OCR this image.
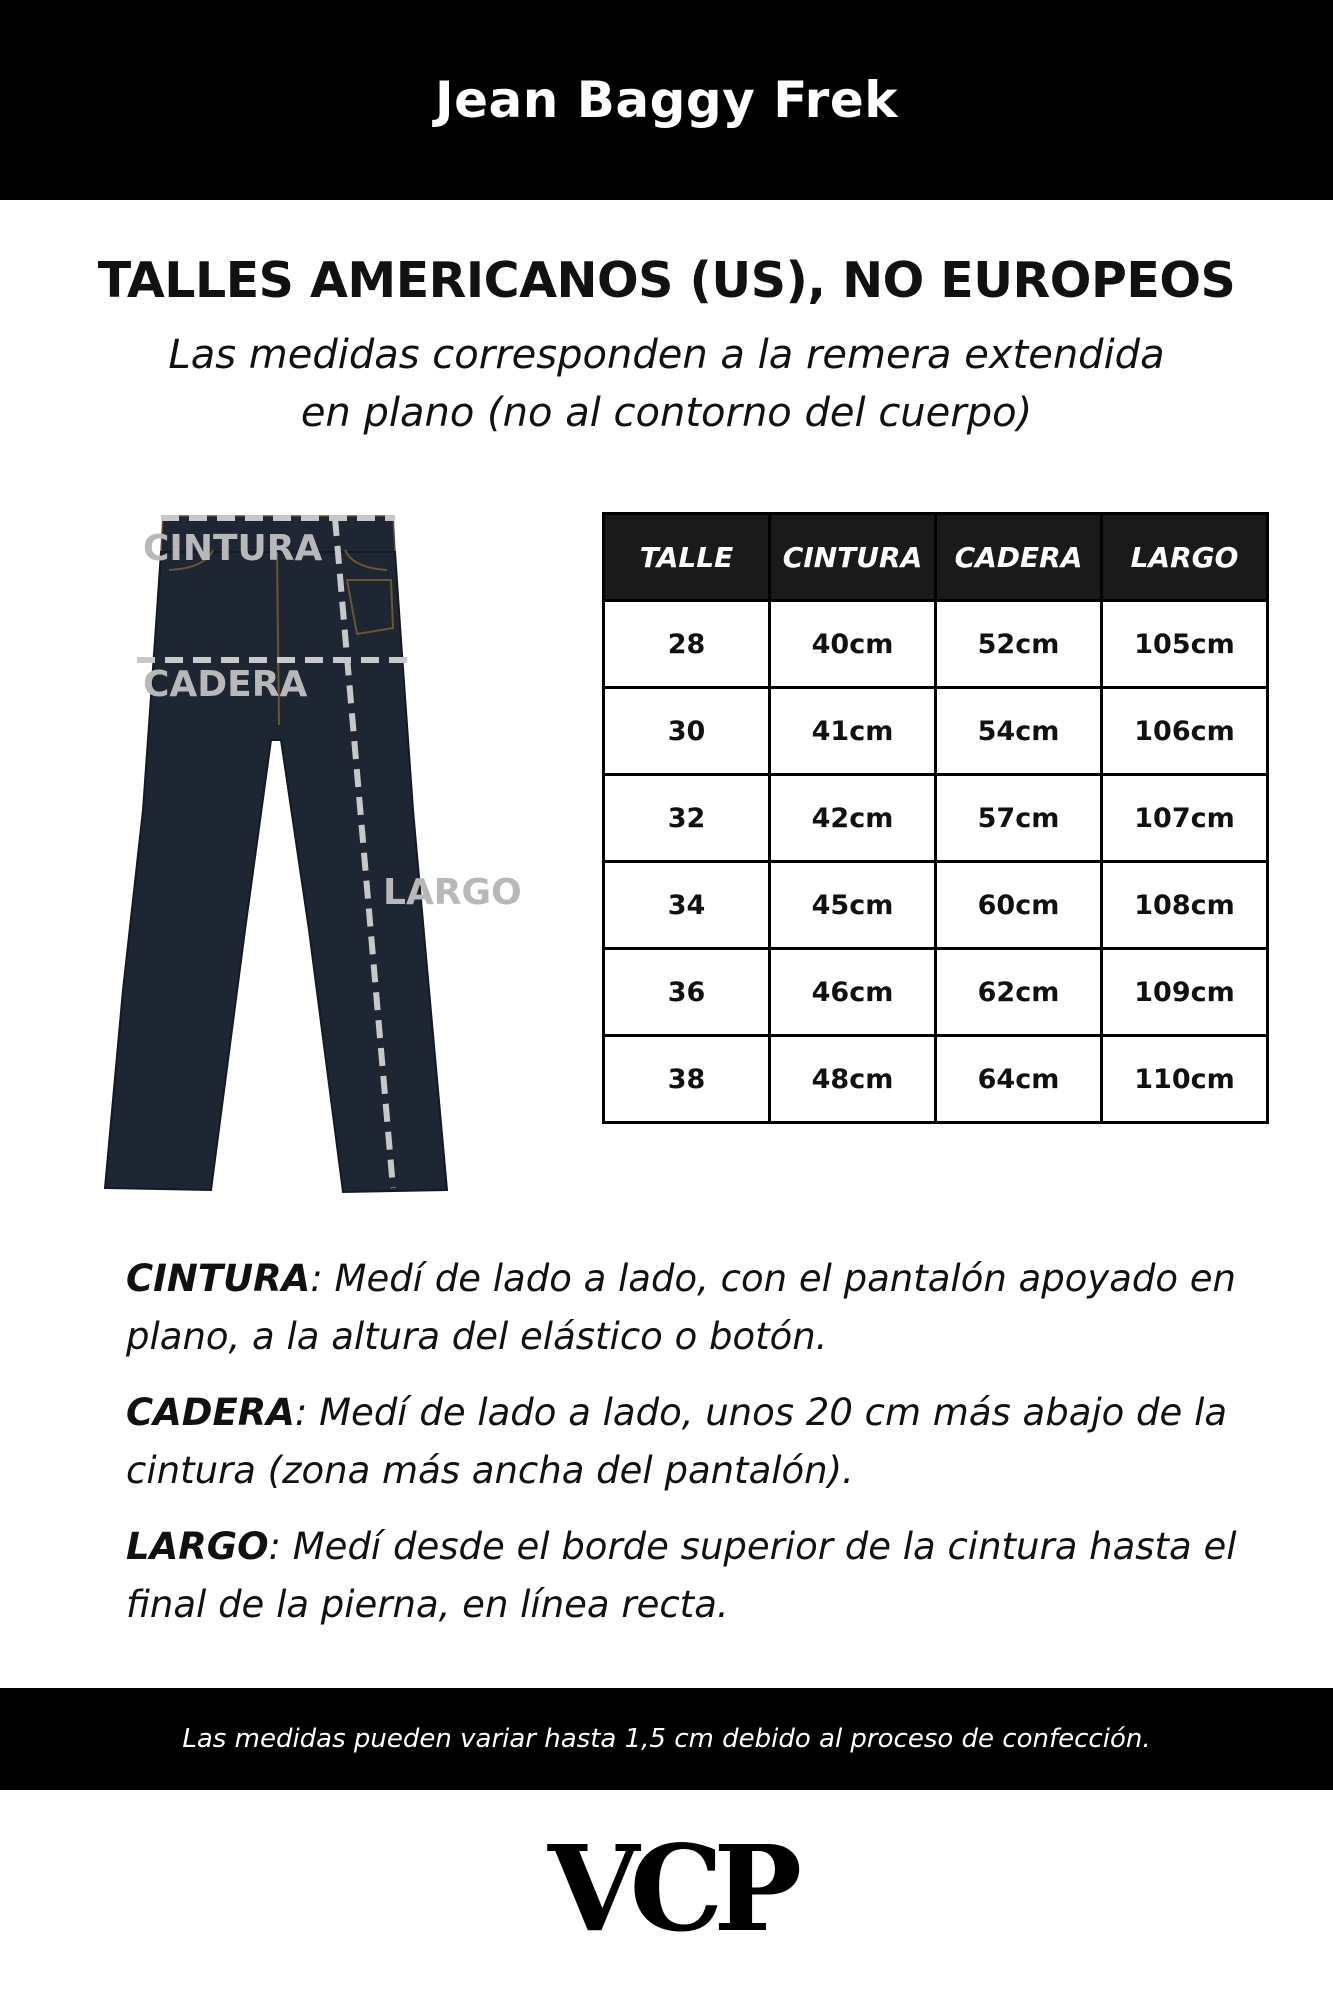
Jean Baggy Frek
TALLES AMERICANOS (US), NO EUROPEOS
Las medidas corresponden a la remera extendida
en plano (no al contorno del cuerpo)
CINTURA
CADERA
LARGO
TALLE	CINTURA	CADERA	LARGO
28	40cm	52cm	105cm
30	41cm	54cm	106cm
32	42cm	57cm	107cm
34	45cm	60cm	108cm
36	46cm	62cm	109cm
38	48cm	64cm	110cm
CINTURA: Medí de lado a lado, con el pantalón apoyado en plano, a la altura del elástico o botón.
CADERA: Medí de lado a lado, unos 20 cm más abajo de la cintura (zona más ancha del pantalón).
LARGO: Medí desde el borde superior de la cintura hasta el final de la pierna, en línea recta.
Las medidas pueden variar hasta 1,5 cm debido al proceso de confección.
VCP
